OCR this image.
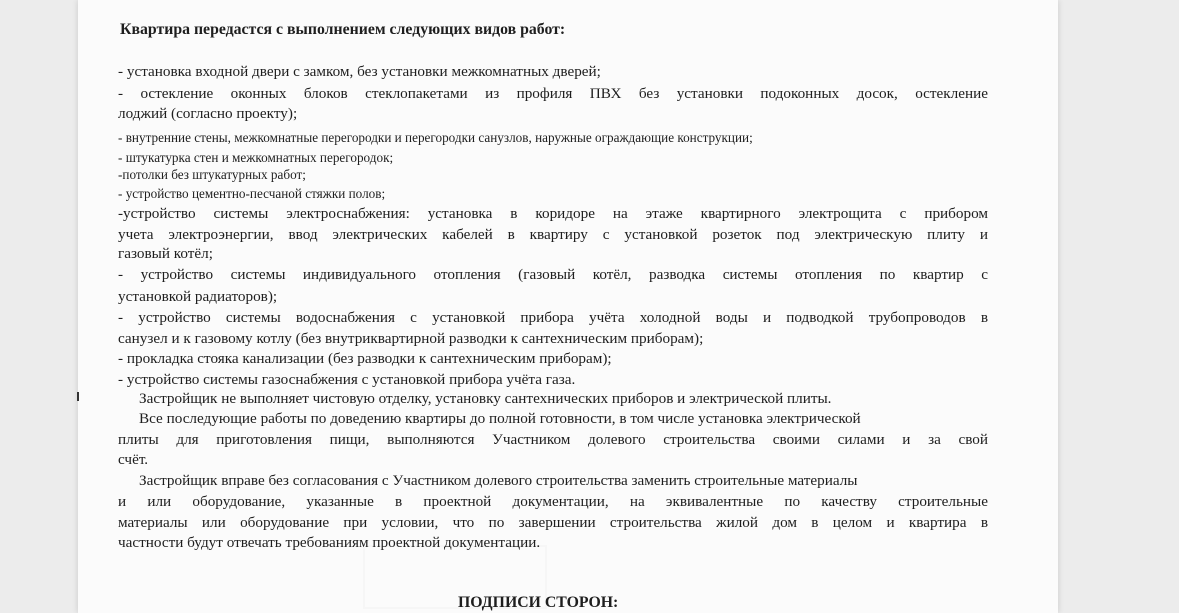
Квартира передастся с выполнением следующих видов работ:
- установка входной двери с замком, без установки межкомнатных дверей;
- остекление оконных блоков стеклопакетами из профиля ПВХ без установки подоконных досок, остекление
лоджий (согласно проекту);
- внутренние стены, межкомнатные перегородки и перегородки санузлов, наружные ограждающие конструкции;
- штукатурка стен и межкомнатных перегородок;
-потолки без штукатурных работ;
- устройство цементно-песчаной стяжки полов;
-устройство системы электроснабжения: установка в коридоре на этаже квартирного электрощита с прибором
учета электроэнергии, ввод электрических кабелей в квартиру с установкой розеток под электрическую плиту и
газовый котёл;
- устройство системы индивидуального отопления (газовый котёл, разводка системы отопления по квартир с
установкой радиаторов);
- устройство системы водоснабжения с установкой прибора учёта холодной воды и подводкой трубопроводов в
санузел и к газовому котлу (без внутриквартирной разводки к сантехническим приборам);
- прокладка стояка канализации (без разводки к сантехническим приборам);
- устройство системы газоснабжения с установкой прибора учёта газа.
Застройщик не выполняет чистовую отделку, установку сантехнических приборов и электрической плиты.
Все последующие работы по доведению квартиры до полной готовности, в том числе установка электрической
плиты для приготовления пищи, выполняются Участником долевого строительства своими силами и за свой
счёт.
Застройщик вправе без согласования с Участником долевого строительства заменить строительные материалы
и или оборудование, указанные в проектной документации, на эквивалентные по качеству строительные
материалы или оборудование при условии, что по завершении строительства жилой дом в целом и квартира в
частности будут отвечать требованиям проектной документации.
ПОДПИСИ СТОРОН:
